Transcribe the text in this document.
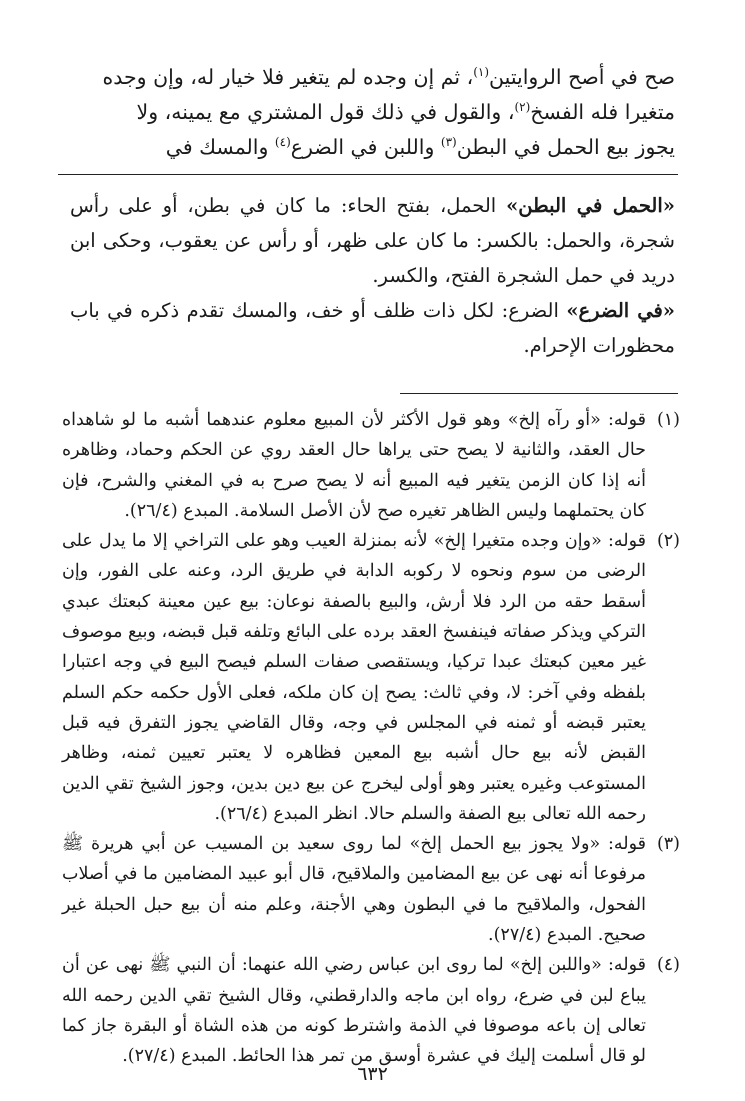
صح في أصح الروايتين$^{(١)}$، ثم إن وجده لم يتغير فلا خيار له، وإن وجده

متغيرا فله الفسخ$^{(٢)}$، والقول في ذلك قول المشتري مع يمينه، ولا

يجوز بيع الحمل في البطن$^{(٣)}$ واللبن في الضرع$^{(٤)}$ والمسك في

«الحمل في البطن» الحمل، بفتح الحاء: ما كان في بطن، أو على رأس شجرة، والحمل: بالكسر: ما كان على ظهر، أو رأس عن يعقوب، وحكى ابن دريد في حمل الشجرة الفتح، والكسر.

«في الضرع» الضرع: لكل ذات ظلف أو خف، والمسك تقدم ذكره في باب محظورات الإحرام.

(١)
قوله: «أو رآه إلخ» وهو قول الأكثر لأن المبيع معلوم عندهما أشبه ما لو شاهداه حال العقد، والثانية لا يصح حتى يراها حال العقد روي عن الحكم وحماد، وظاهره أنه إذا كان الزمن يتغير فيه المبيع أنه لا يصح صرح به في المغني والشرح، فإن كان يحتملهما وليس الظاهر تغيره صح لأن الأصل السلامة. المبدع (٢٦/٤).
(٢)
قوله: «وإن وجده متغيرا إلخ» لأنه بمنزلة العيب وهو على التراخي إلا ما يدل على الرضى من سوم ونحوه لا ركوبه الدابة في طريق الرد، وعنه على الفور، وإن أسقط حقه من الرد فلا أرش، والبيع بالصفة نوعان: بيع عين معينة كبعتك عبدي التركي ويذكر صفاته فينفسخ العقد برده على البائع وتلفه قبل قبضه، وبيع موصوف غير معين كبعتك عبدا تركيا، ويستقصى صفات السلم فيصح البيع في وجه اعتبارا بلفظه وفي آخر: لا، وفي ثالث: يصح إن كان ملكه، فعلى الأول حكمه حكم السلم يعتبر قبضه أو ثمنه في المجلس في وجه، وقال القاضي يجوز التفرق فيه قبل القبض لأنه بيع حال أشبه بيع المعين فظاهره لا يعتبر تعيين ثمنه، وظاهر المستوعب وغيره يعتبر وهو أولى ليخرج عن بيع دين بدين، وجوز الشيخ تقي الدين رحمه الله تعالى بيع الصفة والسلم حالا. انظر المبدع (٢٦/٤).
(٣)
قوله: «ولا يجوز بيع الحمل إلخ» لما روى سعيد بن المسيب عن أبي هريرة ﷺ مرفوعا أنه نهى عن بيع المضامين والملاقيح، قال أبو عبيد المضامين ما في أصلاب الفحول، والملاقيح ما في البطون وهي الأجنة، وعلم منه أن بيع حبل الحبلة غير صحيح. المبدع (٢٧/٤).
(٤)
قوله: «واللبن إلخ» لما روى ابن عباس رضي الله عنهما: أن النبي ﷺ نهى عن أن يباع لبن في ضرع، رواه ابن ماجه والدارقطني، وقال الشيخ تقي الدين رحمه الله تعالى إن باعه موصوفا في الذمة واشترط كونه من هذه الشاة أو البقرة جاز كما لو قال أسلمت إليك في عشرة أوسق من تمر هذا الحائط. المبدع (٢٧/٤).
٦٣٢
